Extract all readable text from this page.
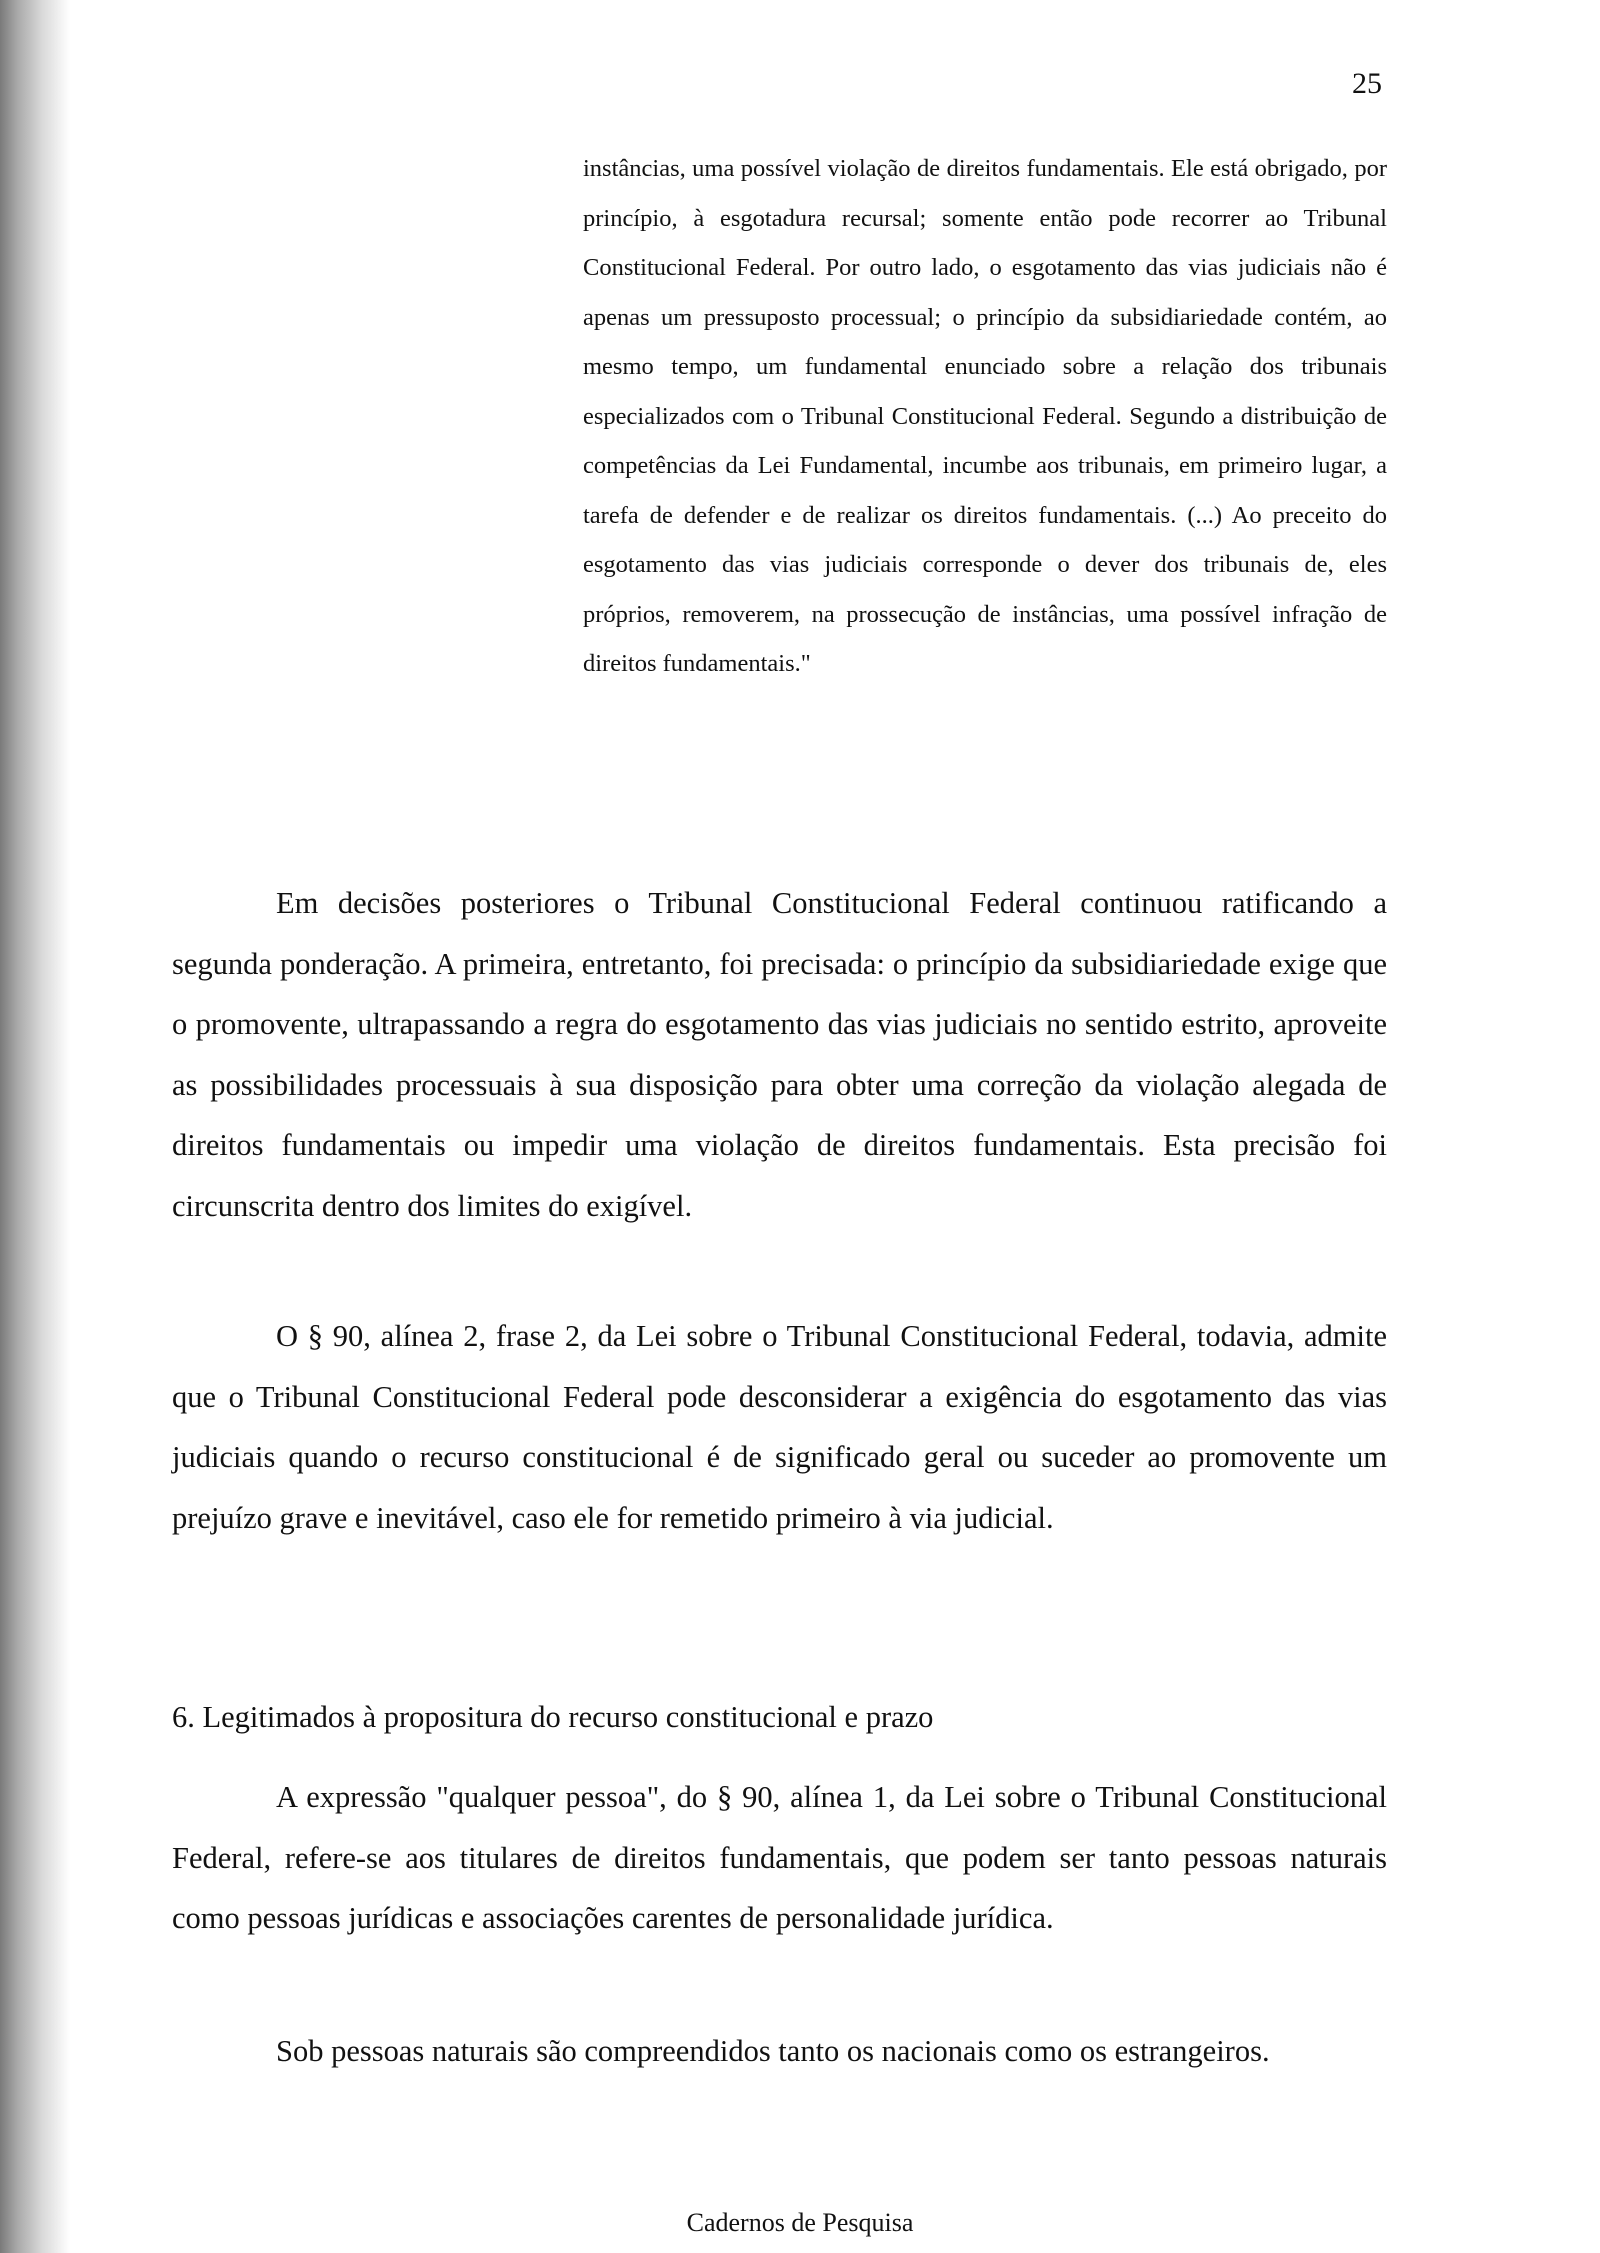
25

instâncias, uma possível violação de direitos fundamentais. Ele está obrigado, por princípio, à esgotadura recursal; somente então pode recorrer ao Tribunal Constitucional Federal. Por outro lado, o esgotamento das vias judiciais não é apenas um pressuposto processual; o princípio da subsidiariedade contém, ao mesmo tempo, um fundamental enunciado sobre a relação dos tribunais especializados com o Tribunal Constitucional Federal. Segundo a distribuição de competências da Lei Fundamental, incumbe aos tribunais, em primeiro lugar, a tarefa de defender e de realizar os direitos fundamentais. (...) Ao preceito do esgotamento das vias judiciais corresponde o dever dos tribunais de, eles próprios, removerem, na prossecução de instâncias, uma possível infração de direitos fundamentais."

Em decisões posteriores o Tribunal Constitucional Federal continuou ratificando a segunda ponderação. A primeira, entretanto, foi precisada: o princípio da subsidiariedade exige que o promovente, ultrapassando a regra do esgotamento das vias judiciais no sentido estrito, aproveite as possibilidades processuais à sua disposição para obter uma correção da violação alegada de direitos fundamentais ou impedir uma violação de direitos fundamentais. Esta precisão foi circunscrita dentro dos limites do exigível.

O § 90, alínea 2, frase 2, da Lei sobre o Tribunal Constitucional Federal, todavia, admite que o Tribunal Constitucional Federal pode desconsiderar a exigência do esgotamento das vias judiciais quando o recurso constitucional é de significado geral ou suceder ao promovente um prejuízo grave e inevitável, caso ele for remetido primeiro à via judicial.

6. Legitimados à propositura do recurso constitucional e prazo

A expressão "qualquer pessoa", do § 90, alínea 1, da Lei sobre o Tribunal Constitucional Federal, refere-se aos titulares de direitos fundamentais, que podem ser tanto pessoas naturais como pessoas jurídicas e associações carentes de personalidade jurídica.

Sob pessoas naturais são compreendidos tanto os nacionais como os estrangeiros.

Cadernos de Pesquisa
